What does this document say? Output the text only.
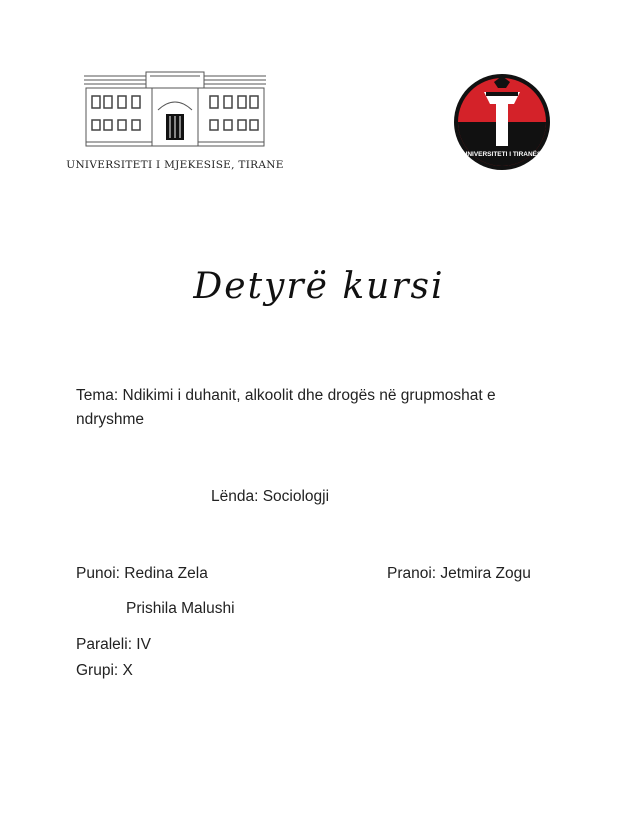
UNIVERSITETI I MJEKESISE, TIRANE
UNIVERSITETI I TIRANËS
Detyrë kursi
Tema: Ndikimi i duhanit, alkoolit dhe drogës në grupmoshat e ndryshme
Lënda: Sociologji
Punoi: Redina Zela	Pranoi: Jetmira Zogu
Prishila Malushi
Paraleli: IV
Grupi: X
